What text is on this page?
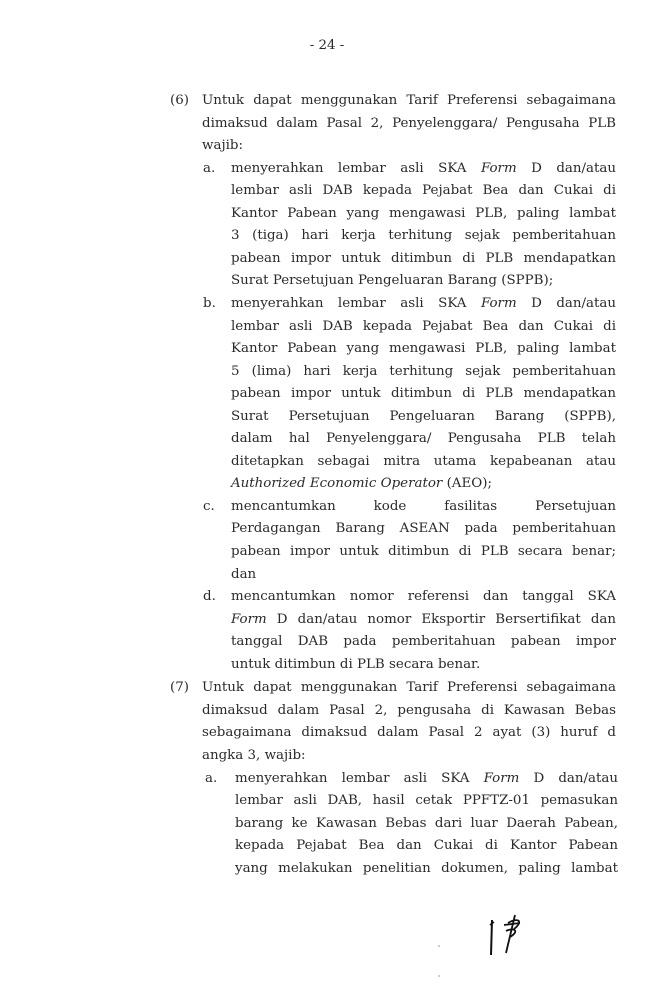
- 24 -
(6) Untuk dapat menggunakan Tarif Preferensi sebagaimana
dimaksud dalam Pasal 2, Penyelenggara/ Pengusaha PLB
wajib:
a. menyerahkan lembar asli SKA Form D dan/atau
lembar asli DAB kepada Pejabat Bea dan Cukai di
Kantor Pabean yang mengawasi PLB, paling lambat
3 (tiga) hari kerja terhitung sejak pemberitahuan
pabean impor untuk ditimbun di PLB mendapatkan
Surat Persetujuan Pengeluaran Barang (SPPB);
b. menyerahkan lembar asli SKA Form D dan/atau
lembar asli DAB kepada Pejabat Bea dan Cukai di
Kantor Pabean yang mengawasi PLB, paling lambat
5 (lima) hari kerja terhitung sejak pemberitahuan
pabean impor untuk ditimbun di PLB mendapatkan
Surat Persetujuan Pengeluaran Barang (SPPB),
dalam hal Penyelenggara/ Pengusaha PLB telah
ditetapkan sebagai mitra utama kepabeanan atau
Authorized Economic Operator (AEO);
c. mencantumkan kode fasilitas Persetujuan
Perdagangan Barang ASEAN pada pemberitahuan
pabean impor untuk ditimbun di PLB secara benar;
dan
d. mencantumkan nomor referensi dan tanggal SKA
Form D dan/atau nomor Eksportir Bersertifikat dan
tanggal DAB pada pemberitahuan pabean impor
untuk ditimbun di PLB secara benar.
(7) Untuk dapat menggunakan Tarif Preferensi sebagaimana
dimaksud dalam Pasal 2, pengusaha di Kawasan Bebas
sebagaimana dimaksud dalam Pasal 2 ayat (3) huruf d
angka 3, wajib:
a. menyerahkan lembar asli SKA Form D dan/atau
lembar asli DAB, hasil cetak PPFTZ-01 pemasukan
barang ke Kawasan Bebas dari luar Daerah Pabean,
kepada Pejabat Bea dan Cukai di Kantor Pabean
yang melakukan penelitian dokumen, paling lambat
